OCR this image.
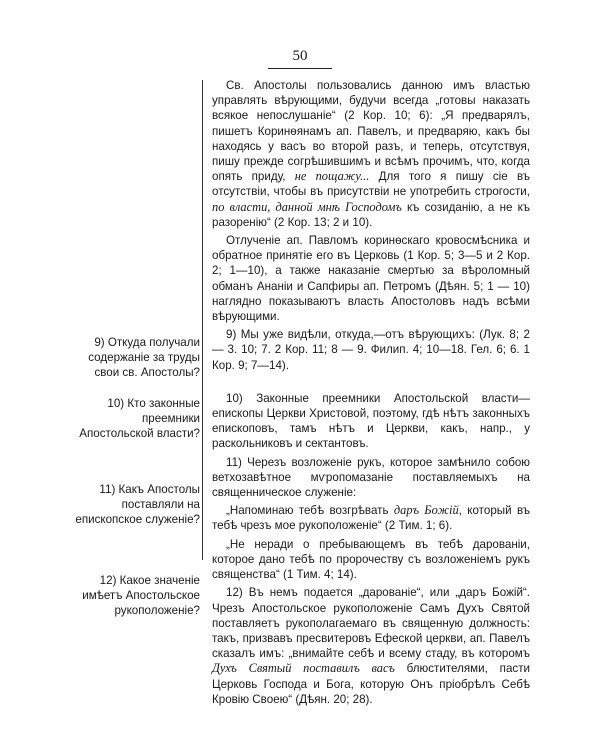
50
9) Откуда получали содержаніе за труды свои св. Апостолы?
10) Кто законные преемники Апостольской власти?
11) Какъ Апостолы поставляли на епископское служеніе?
12) Какое значеніе имѣетъ Апостольское рукоположеніе?

Св. Апостолы пользовались данною имъ властью управлять вѣрующими, будучи всегда „готовы наказать всякое непослушаніе“ (2 Кор. 10; 6): „Я предварялъ, пишетъ Коринѳянамъ ап. Павелъ, и предваряю, какъ бы находясь у васъ во второй разъ, и теперь, отсутствуя, пишу прежде согрѣшившимъ и всѣмъ прочимъ, что, когда опять приду, не пощажу... Для того я пишу сіе въ отсутствіи, чтобы въ присутствіи не употребить строгости, по власти, данной мнѣ Господомъ къ созиданію, а не къ разоренію“ (2 Кор. 13; 2 и 10).

Отлученіе ап. Павломъ коринѳскаго кровосмѣсника и обратное принятіе его въ Церковь (1 Кор. 5; 3—5 и 2 Кор. 2; 1—10), а также наказаніе смертью за вѣроломный обманъ Ананіи и Сапфиры ап. Петромъ (Дѣян. 5; 1 — 10) наглядно показываютъ власть Апостоловъ надъ всѣми вѣрующими.

9) Мы уже видѣли, откуда,—отъ вѣрующихъ: (Лук. 8; 2 — 3. 10; 7. 2 Кор. 11; 8 — 9. Филип. 4; 10—18. Гел. 6; 6. 1 Кор. 9; 7—14).

10) Законные преемники Апостольской власти— епископы Церкви Христовой, поэтому, гдѣ нѣтъ законныхъ епископовъ, тамъ нѣтъ и Церкви, какъ, напр., у раскольниковъ и сектантовъ.

11) Черезъ возложеніе рукъ, которое замѣнило собою ветхозавѣтное мѵропомазаніе поставляемыхъ на священническое служеніе:

„Напоминаю тебѣ возгрѣвать даръ Божій, который въ тебѣ чрезъ мое рукоположеніе“ (2 Тим. 1; 6).

„Не неради о пребывающемъ въ тебѣ дарованіи, которое дано тебѣ по пророчеству съ возложеніемъ рукъ священства“ (1 Тим. 4; 14).

12) Въ немъ подается „дарованіе“, или „даръ Божій“. Чрезъ Апостольское рукоположеніе Самъ Духъ Святой поставляетъ рукополагаемаго въ священную должность: такъ, призвавъ пресвитеровъ Ефеской церкви, ап. Павелъ сказалъ имъ: „внимайте себѣ и всему стаду, въ которомъ Духъ Святый поставилъ васъ блюстителями, пасти Церковь Господа и Бога, которую Онъ пріобрѣлъ Себѣ Кровію Своею“ (Дѣян. 20; 28).
